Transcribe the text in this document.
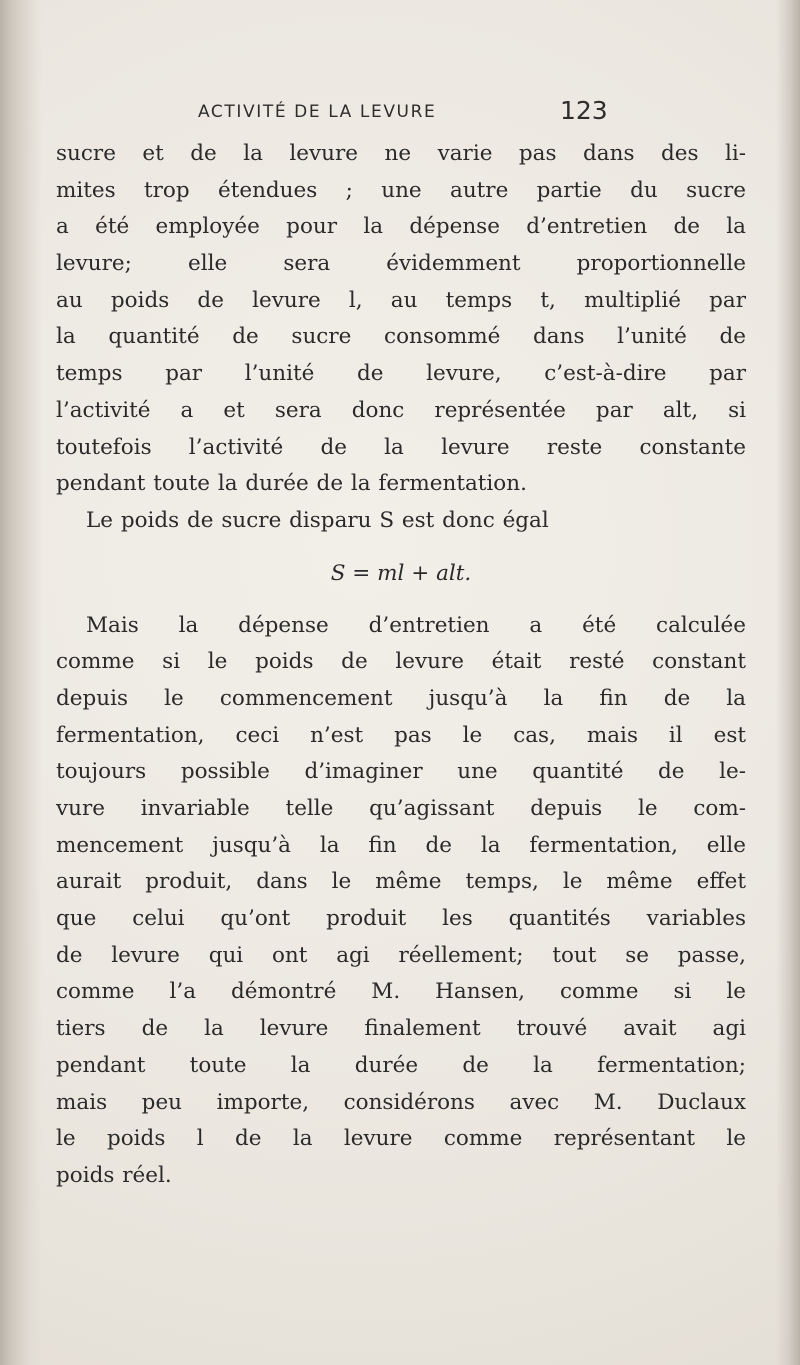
ACTIVITÉ DE LA LEVURE	123
sucre et de la levure ne varie pas dans des li-
mites trop étendues ; une autre partie du sucre
a été employée pour la dépense d’entretien de la
levure; elle sera évidemment proportionnelle
au poids de levure l, au temps t, multiplié par
la quantité de sucre consommé dans l’unité de
temps par l’unité de levure, c’est-à-dire par
l’activité a et sera donc représentée par alt, si
toutefois l’activité de la levure reste constante
pendant toute la durée de la fermentation.
Le poids de sucre disparu S est donc égal
S = ml + alt.
Mais la dépense d’entretien a été calculée
comme si le poids de levure était resté constant
depuis le commencement jusqu’à la fin de la
fermentation, ceci n’est pas le cas, mais il est
toujours possible d’imaginer une quantité de le-
vure invariable telle qu’agissant depuis le com-
mencement jusqu’à la fin de la fermentation, elle
aurait produit, dans le même temps, le même effet
que celui qu’ont produit les quantités variables
de levure qui ont agi réellement; tout se passe,
comme l’a démontré M. Hansen, comme si le
tiers de la levure finalement trouvé avait agi
pendant toute la durée de la fermentation;
mais peu importe, considérons avec M. Duclaux
le poids l de la levure comme représentant le
poids réel.
